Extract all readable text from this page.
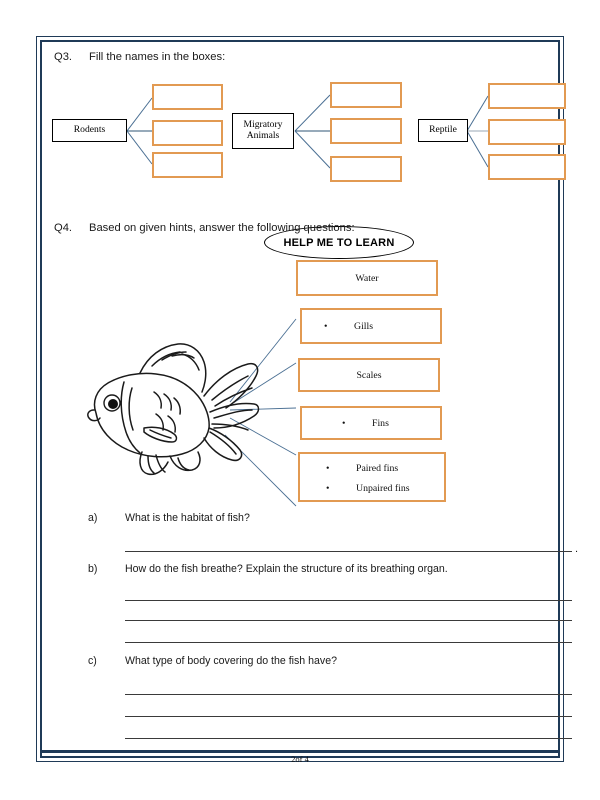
Q3. Fill the names in the boxes:
Rodents	Migratory
Animals
Reptile
HELP ME TO LEARN
Q4. Based on given hints, answer the following questions:
Water
•	Gills
Scales
•	Fins
•	Paired fins
•	Unpaired fins
a)	What is the habitat of fish?
.
b)	How do the fish breathe? Explain the structure of its breathing organ.
c)	What type of body covering do the fish have?
2of 4
